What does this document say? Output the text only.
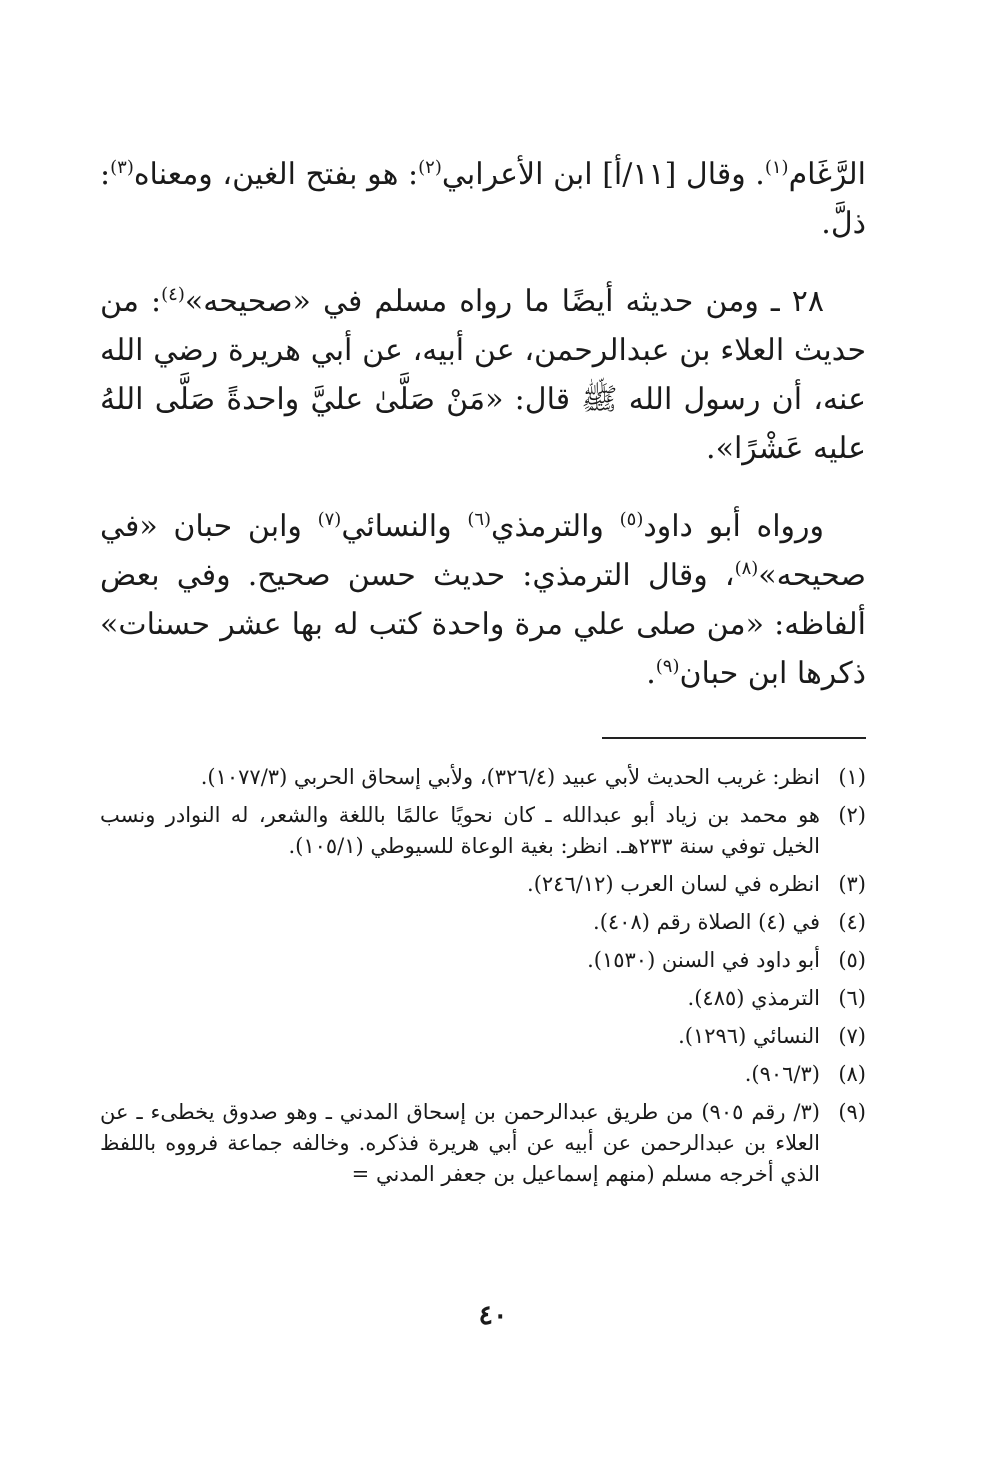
الرَّغَام$^{(١)}$. وقال [١١/أ] ابن الأعرابي$^{(٢)}$: هو بفتح الغين، ومعناه$^{(٣)}$: ذلَّ.

٢٨ ـ ومن حديثه أيضًا ما رواه مسلم في «صحيحه»$^{(٤)}$: من حديث العلاء بن عبدالرحمن، عن أبيه، عن أبي هريرة رضي الله عنه، أن رسول الله ﷺ قال: «مَنْ صَلَّىٰ عليَّ واحدةً صَلَّى اللهُ عليه عَشْرًا».

ورواه أبو داود$^{(٥)}$ والترمذي$^{(٦)}$ والنسائي$^{(٧)}$ وابن حبان «في صحيحه»$^{(٨)}$، وقال الترمذي: حديث حسن صحيح. وفي بعض ألفاظه: «من صلى علي مرة واحدة كتب له بها عشر حسنات» ذكرها ابن حبان$^{(٩)}$.

(١)
انظر: غريب الحديث لأبي عبيد (٣٢٦/٤)، ولأبي إسحاق الحربي (١٠٧٧/٣).
(٢)
هو محمد بن زياد أبو عبدالله ـ كان نحويًا عالمًا باللغة والشعر، له النوادر ونسب الخيل توفي سنة ٢٣٣هـ. انظر: بغية الوعاة للسيوطي (١٠٥/١).
(٣)
انظره في لسان العرب (٢٤٦/١٢).
(٤)
في (٤) الصلاة رقم (٤٠٨).
(٥)
أبو داود في السنن (١٥٣٠).
(٦)
الترمذي (٤٨٥).
(٧)
النسائي (١٢٩٦).
(٨)
(٩٠٦/٣).
(٩)
(٣/ رقم ٩٠٥) من طريق عبدالرحمن بن إسحاق المدني ـ وهو صدوق يخطىء ـ عن العلاء بن عبدالرحمن عن أبيه عن أبي هريرة فذكره. وخالفه جماعة فرووه باللفظ الذي أخرجه مسلم (منهم إسماعيل بن جعفر المدني =
٤٠
